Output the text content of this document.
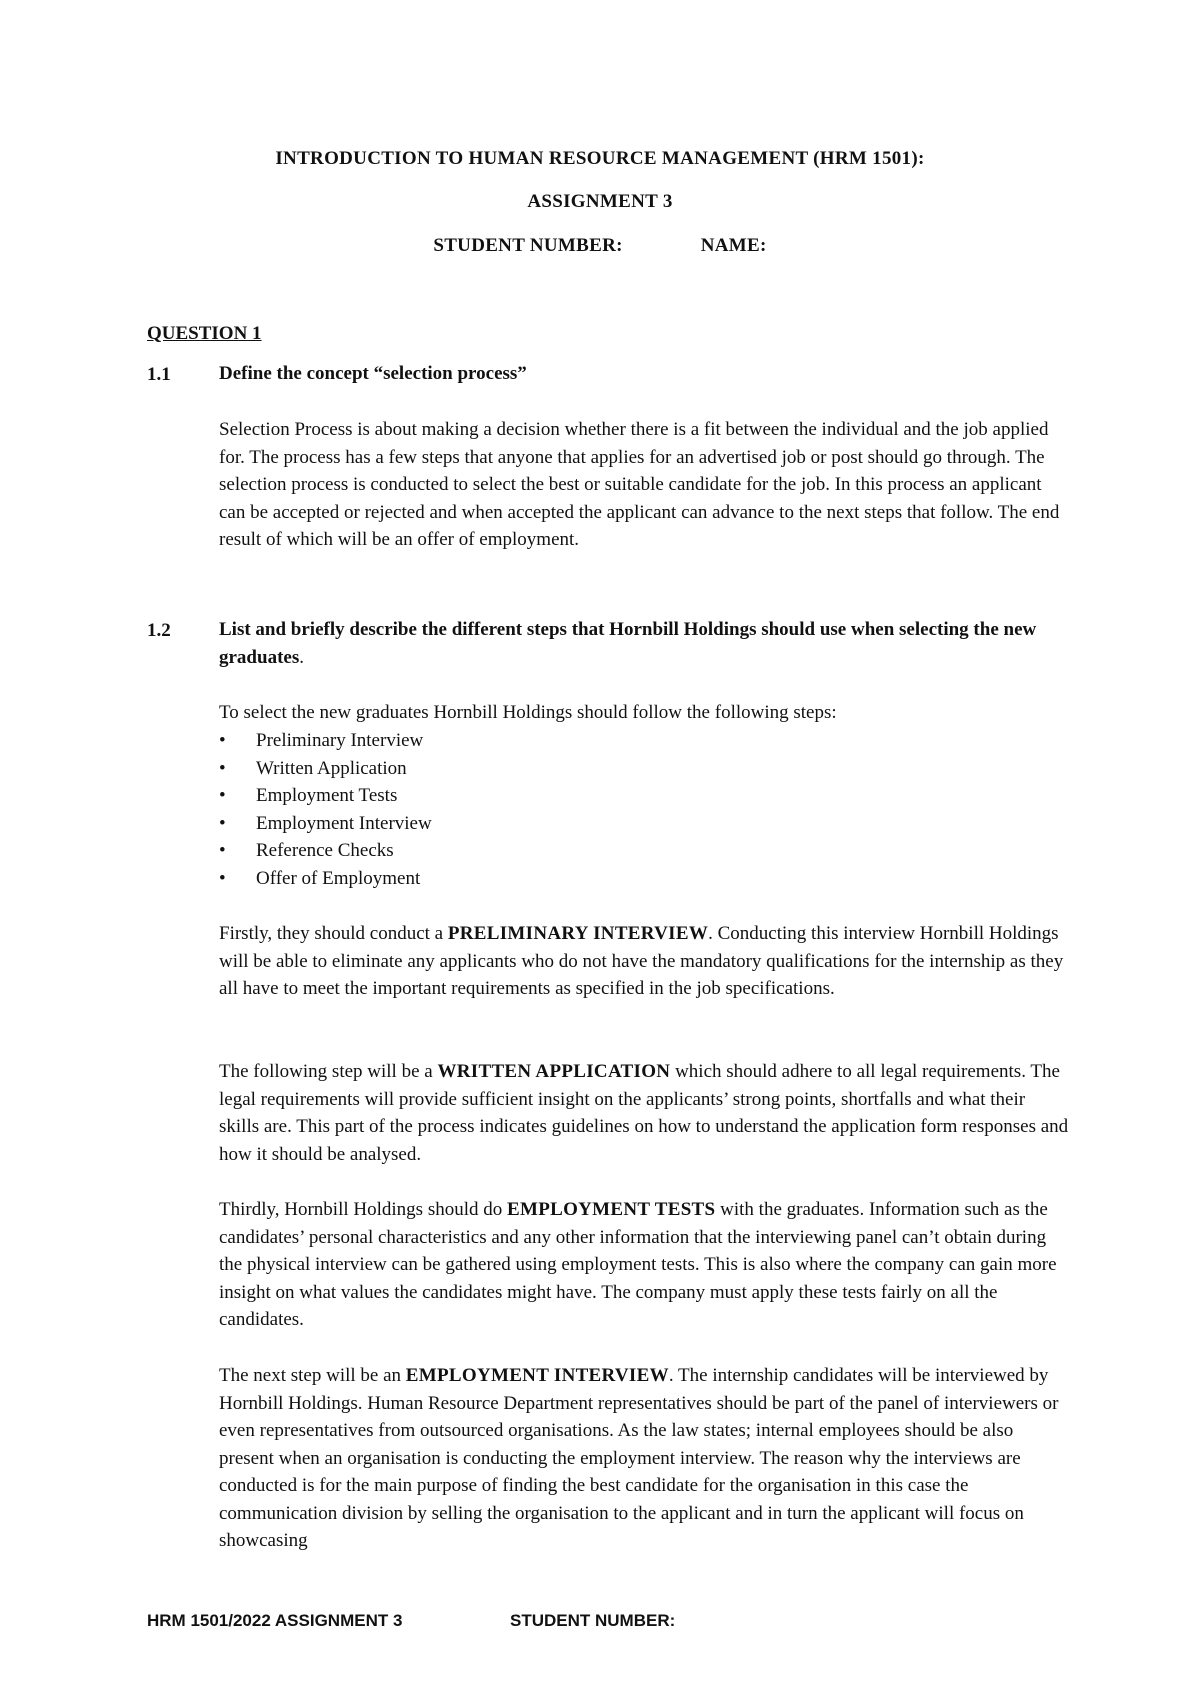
INTRODUCTION TO HUMAN RESOURCE MANAGEMENT (HRM 1501):
ASSIGNMENT 3
STUDENT NUMBER:	NAME:
QUESTION 1
1.1	Define the concept “selection process”

Selection Process is about making a decision whether there is a fit between the individual and the job applied for. The process has a few steps that anyone that applies for an advertised job or post should go through. The selection process is conducted to select the best or suitable candidate for the job. In this process an applicant can be accepted or rejected and when accepted the applicant can advance to the next steps that follow. The end result of which will be an offer of employment.

1.2	List and briefly describe the different steps that Hornbill Holdings should use when selecting the new graduates.

To select the new graduates Hornbill Holdings should follow the following steps:

• Preliminary Interview
• Written Application
• Employment Tests
• Employment Interview
• Reference Checks
• Offer of Employment

Firstly, they should conduct a PRELIMINARY INTERVIEW. Conducting this interview Hornbill Holdings will be able to eliminate any applicants who do not have the mandatory qualifications for the internship as they all have to meet the important requirements as specified in the job specifications.

The following step will be a WRITTEN APPLICATION which should adhere to all legal requirements. The legal requirements will provide sufficient insight on the applicants’ strong points, shortfalls and what their skills are. This part of the process indicates guidelines on how to understand the application form responses and how it should be analysed.

Thirdly, Hornbill Holdings should do EMPLOYMENT TESTS with the graduates. Information such as the candidates’ personal characteristics and any other information that the interviewing panel can’t obtain during the physical interview can be gathered using employment tests. This is also where the company can gain more insight on what values the candidates might have. The company must apply these tests fairly on all the candidates.

The next step will be an EMPLOYMENT INTERVIEW. The internship candidates will be interviewed by Hornbill Holdings. Human Resource Department representatives should be part of the panel of interviewers or even representatives from outsourced organisations. As the law states; internal employees should be also present when an organisation is conducting the employment interview. The reason why the interviews are conducted is for the main purpose of finding the best candidate for the organisation in this case the communication division by selling the organisation to the applicant and in turn the applicant will focus on showcasing

HRM 1501/2022 ASSIGNMENT 3	STUDENT NUMBER:
